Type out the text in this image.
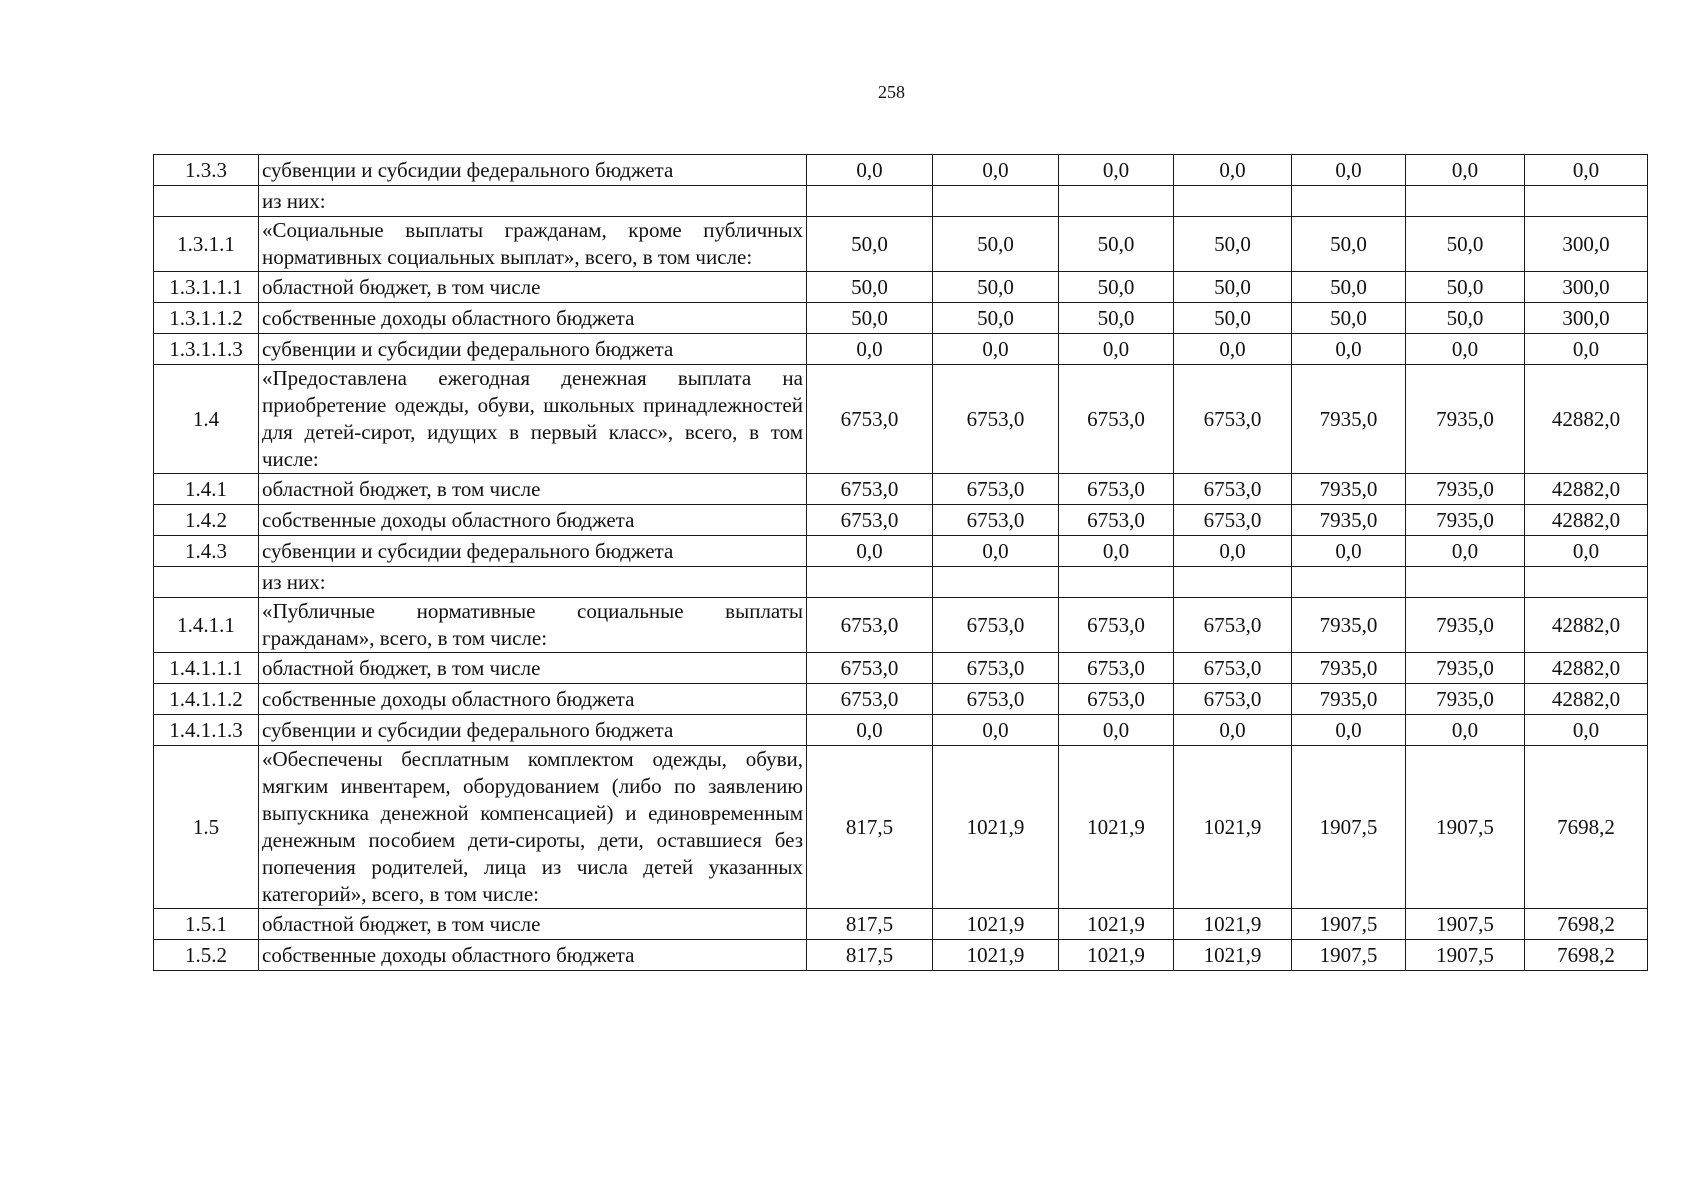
258
1.3.3	субвенции и субсидии федерального бюджета	0,0	0,0	0,0	0,0	0,0	0,0	0,0
	из них:							
1.3.1.1	«Социальные выплаты гражданам, кроме публичных нормативных социальных выплат», всего, в том числе:	50,0	50,0	50,0	50,0	50,0	50,0	300,0
1.3.1.1.1	областной бюджет, в том числе	50,0	50,0	50,0	50,0	50,0	50,0	300,0
1.3.1.1.2	собственные доходы областного бюджета	50,0	50,0	50,0	50,0	50,0	50,0	300,0
1.3.1.1.3	субвенции и субсидии федерального бюджета	0,0	0,0	0,0	0,0	0,0	0,0	0,0
1.4	«Предоставлена ежегодная денежная выплата на приобретение одежды, обуви, школьных принадлежностей для детей-сирот, идущих в первый класс», всего, в том числе:	6753,0	6753,0	6753,0	6753,0	7935,0	7935,0	42882,0
1.4.1	областной бюджет, в том числе	6753,0	6753,0	6753,0	6753,0	7935,0	7935,0	42882,0
1.4.2	собственные доходы областного бюджета	6753,0	6753,0	6753,0	6753,0	7935,0	7935,0	42882,0
1.4.3	субвенции и субсидии федерального бюджета	0,0	0,0	0,0	0,0	0,0	0,0	0,0
	из них:							
1.4.1.1	«Публичные нормативные социальные выплаты гражданам», всего, в том числе:	6753,0	6753,0	6753,0	6753,0	7935,0	7935,0	42882,0
1.4.1.1.1	областной бюджет, в том числе	6753,0	6753,0	6753,0	6753,0	7935,0	7935,0	42882,0
1.4.1.1.2	собственные доходы областного бюджета	6753,0	6753,0	6753,0	6753,0	7935,0	7935,0	42882,0
1.4.1.1.3	субвенции и субсидии федерального бюджета	0,0	0,0	0,0	0,0	0,0	0,0	0,0
1.5	«Обеспечены бесплатным комплектом одежды, обуви, мягким инвентарем, оборудованием (либо по заявлению выпускника денежной компенсацией) и единовременным денежным пособием дети-сироты, дети, оставшиеся без попечения родителей, лица из числа детей указанных категорий», всего, в том числе:	817,5	1021,9	1021,9	1021,9	1907,5	1907,5	7698,2
1.5.1	областной бюджет, в том числе	817,5	1021,9	1021,9	1021,9	1907,5	1907,5	7698,2
1.5.2	собственные доходы областного бюджета	817,5	1021,9	1021,9	1021,9	1907,5	1907,5	7698,2
